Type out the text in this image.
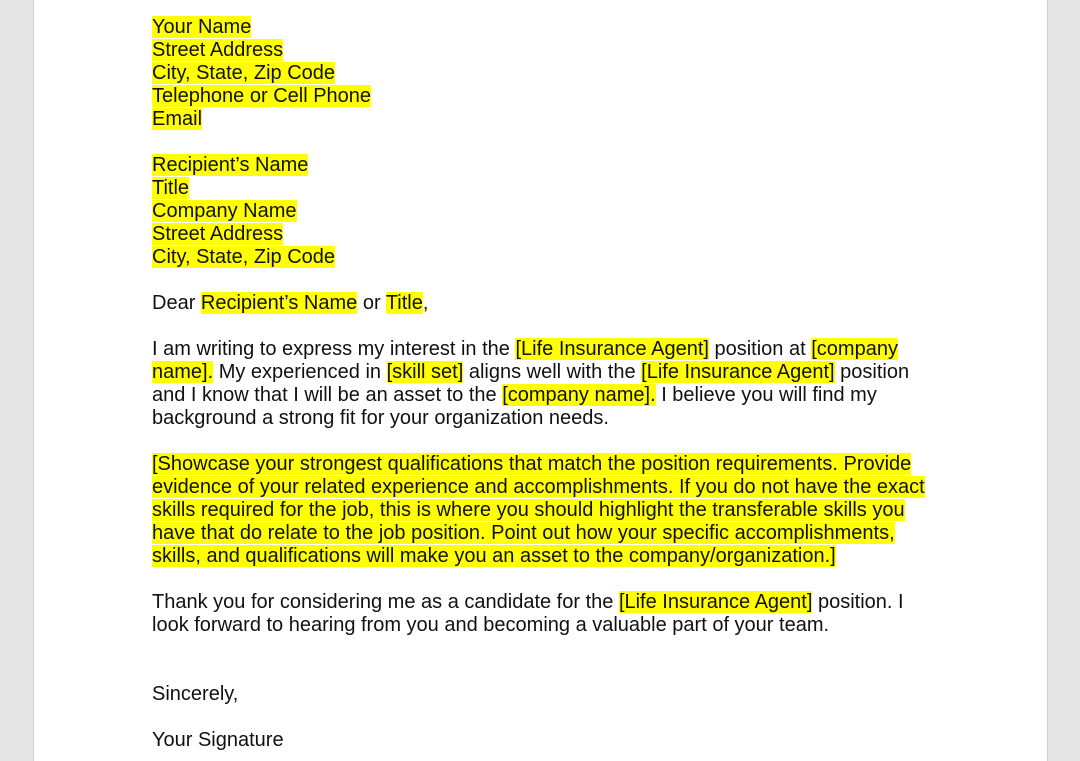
Your Name
Street Address
City, State, Zip Code
Telephone or Cell Phone
Email
Recipient’s Name
Title
Company Name
Street Address
City, State, Zip Code
Dear Recipient’s Name or Title,
I am writing to express my interest in the [Life Insurance Agent] position at [company
name]. My experienced in [skill set] aligns well with the [Life Insurance Agent] position
and I know that I will be an asset to the [company name]. I believe you will find my
background a strong fit for your organization needs.
[Showcase your strongest qualifications that match the position requirements. Provide
evidence of your related experience and accomplishments. If you do not have the exact
skills required for the job, this is where you should highlight the transferable skills you
have that do relate to the job position. Point out how your specific accomplishments,
skills, and qualifications will make you an asset to the company/organization.]
Thank you for considering me as a candidate for the [Life Insurance Agent] position. I
look forward to hearing from you and becoming a valuable part of your team.
Sincerely,
Your Signature
